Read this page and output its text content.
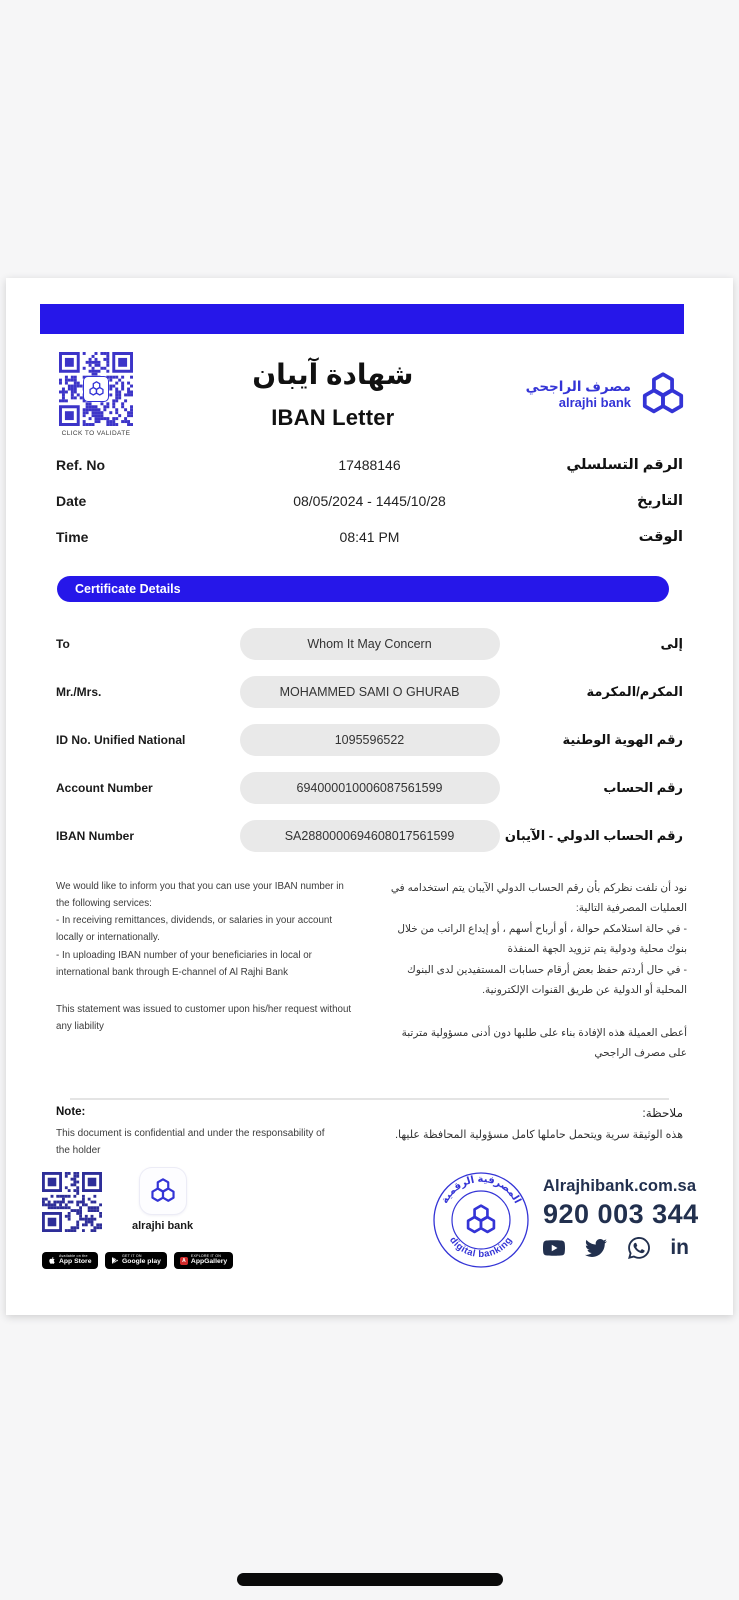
CLICK TO VALIDATE
شهادة آيبان
IBAN Letter
مصرف الراجحي
alrajhi bank
Ref. No	17488146	الرقم التسلسلي
Date	08/05/2024 - 1445/10/28	التاريخ
Time	08:41 PM	الوقت
Certificate Details
To	Whom It May Concern	إلى
Mr./Mrs.	MOHAMMED SAMI O GHURAB	المكرم/المكرمة
ID No. Unified National	1095596522	رقم الهوية الوطنية
Account Number	694000010006087561599	رقم الحساب
IBAN Number	SA2880000694608017561599	رقم الحساب الدولي - الآيبان

We would like to inform you that you can use your IBAN number in the following services:

- In receiving remittances, dividends, or salaries in your account locally or internationally.

- In uploading IBAN number of your beneficiaries in local or international bank through E-channel of Al Rajhi Bank

This statement was issued to customer upon his/her request without any liability

نود أن نلفت نظركم بأن رقم الحساب الدولي الآيبان يتم استخدامه في العمليات المصرفية التالية:

- في حالة استلامكم حوالة ، أو أرباح أسهم ، أو إيداع الراتب من خلال بنوك محلية ودولية يتم تزويد الجهة المنفذة

- في حال أردتم حفظ بعض أرقام حسابات المستفيدين لدى البنوك المحلية أو الدولية عن طريق القنوات الإلكترونية.

أعطى العميلة هذه الإفادة بناء على طلبها دون أدنى مسؤولية مترتبة على مصرف الراجحي

Note:	ملاحظة:
This document is confidential and under the responsability of the holder
هذه الوثيقة سرية ويتحمل حاملها كامل مسؤولية المحافظة عليها.
alrajhi bank
Available on the
App Store
GET IT ON
Google play	A
EXPLORE IT ON
AppGallery
المصرفية الرقمية
digital banking
Alrajhibank.com.sa
920 003 344
in
